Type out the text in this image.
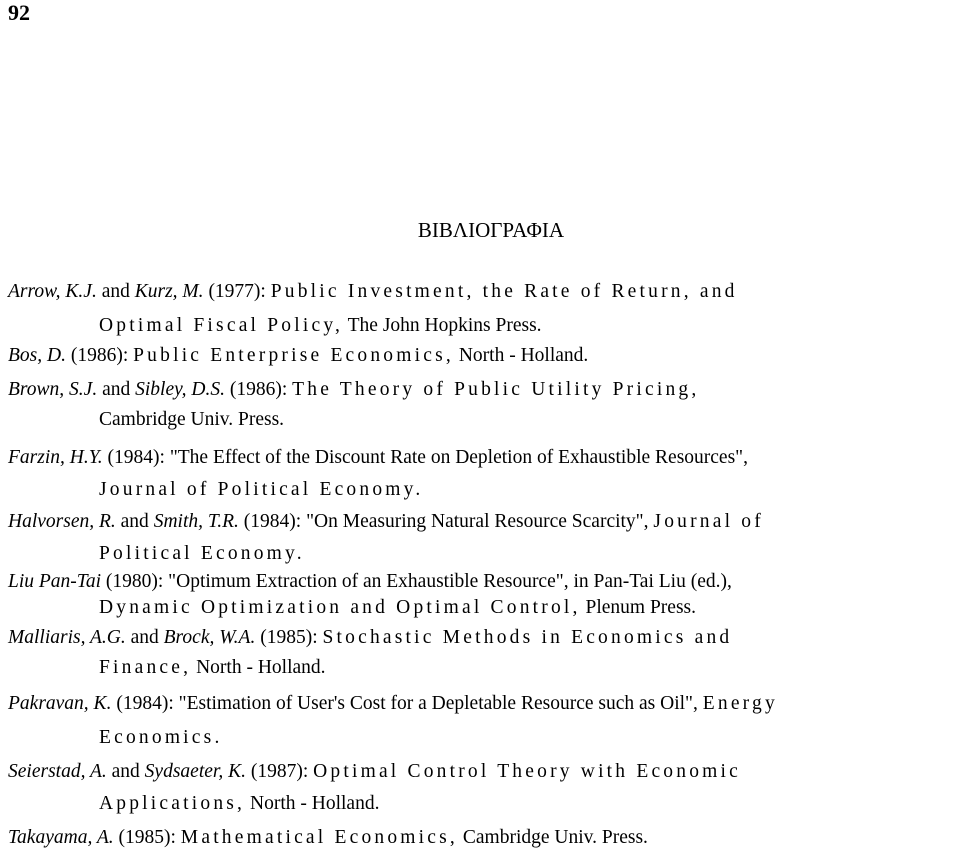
92
ΒΙΒΛΙΟΓΡΑΦΙΑ
Arrow, K.J. and Kurz, M. (1977): Public Investment, the Rate of Return, and
Optimal Fiscal Policy, The John Hopkins Press.
Bos, D. (1986): Public Enterprise Economics, North - Holland.
Brown, S.J. and Sibley, D.S. (1986): The Theory of Public Utility Pricing,
Cambridge Univ. Press.
Farzin, H.Y. (1984): "The Effect of the Discount Rate on Depletion of Exhaustible Resources",
Journal of Political Economy.
Halvorsen, R. and Smith, T.R. (1984): "On Measuring Natural Resource Scarcity", Journal of
Political Economy.
Liu Pan-Tai (1980): "Optimum Extraction of an Exhaustible Resource", in Pan-Tai Liu (ed.),
Dynamic Optimization and Optimal Control, Plenum Press.
Malliaris, A.G. and Brock, W.A. (1985): Stochastic Methods in Economics and
Finance, North - Holland.
Pakravan, K. (1984): "Estimation of User's Cost for a Depletable Resource such as Oil", Energy
Economics.
Seierstad, A. and Sydsaeter, K. (1987): Optimal Control Theory with Economic
Applications, North - Holland.
Takayama, A. (1985): Mathematical Economics, Cambridge Univ. Press.
